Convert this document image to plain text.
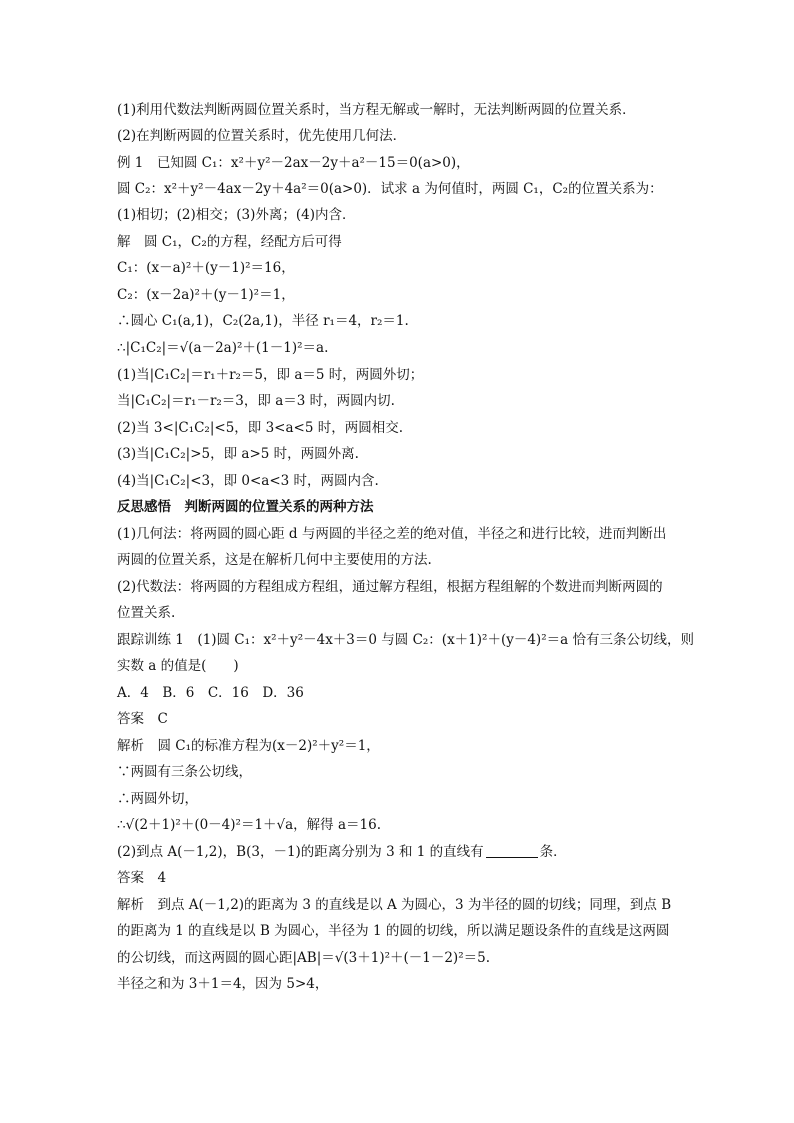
(1)利用代数法判断两圆位置关系时，当方程无解或一解时，无法判断两圆的位置关系．
(2)在判断两圆的位置关系时，优先使用几何法．
例 1　已知圆 C₁：x²＋y²－2ax－2y＋a²－15＝0(a>0)，
圆 C₂：x²＋y²－4ax－2y＋4a²＝0(a>0)．试求 a 为何值时，两圆 C₁，C₂的位置关系为：
(1)相切；(2)相交；(3)外离；(4)内含．
解　圆 C₁，C₂的方程，经配方后可得
C₁：(x－a)²＋(y－1)²＝16，
C₂：(x－2a)²＋(y－1)²＝1，
∴圆心 C₁(a,1)，C₂(2a,1)，半径 r₁＝4，r₂＝1.
∴|C₁C₂|＝√(a－2a)²＋(1－1)²＝a.
(1)当|C₁C₂|＝r₁＋r₂＝5，即 a＝5 时，两圆外切；
当|C₁C₂|＝r₁－r₂＝3，即 a＝3 时，两圆内切.
(2)当 3<|C₁C₂|<5，即 3<a<5 时，两圆相交.
(3)当|C₁C₂|>5，即 a>5 时，两圆外离.
(4)当|C₁C₂|<3，即 0<a<3 时，两圆内含.
反思感悟　判断两圆的位置关系的两种方法
(1)几何法：将两圆的圆心距 d 与两圆的半径之差的绝对值，半径之和进行比较，进而判断出
两圆的位置关系，这是在解析几何中主要使用的方法.
(2)代数法：将两圆的方程组成方程组，通过解方程组，根据方程组解的个数进而判断两圆的
位置关系.
跟踪训练 1　(1)圆 C₁：x²＋y²－4x＋3＝0 与圆 C₂：(x＋1)²＋(y－4)²＝a 恰有三条公切线，则
实数 a 的值是(　　)
A．4　B．6　C．16　D．36
答案　C
解析　圆 C₁的标准方程为(x－2)²＋y²＝1，
∵两圆有三条公切线，
∴两圆外切，
∴√(2＋1)²＋(0－4)²＝1＋√a，解得 a＝16.
(2)到点 A(－1,2)，B(3，－1)的距离分别为 3 和 1 的直线有	条．
答案　4
解析　到点 A(－1,2)的距离为 3 的直线是以 A 为圆心，3 为半径的圆的切线；同理，到点 B
的距离为 1 的直线是以 B 为圆心，半径为 1 的圆的切线，所以满足题设条件的直线是这两圆
的公切线，而这两圆的圆心距|AB|＝√(3＋1)²＋(－1－2)²＝5.
半径之和为 3＋1＝4，因为 5>4，
